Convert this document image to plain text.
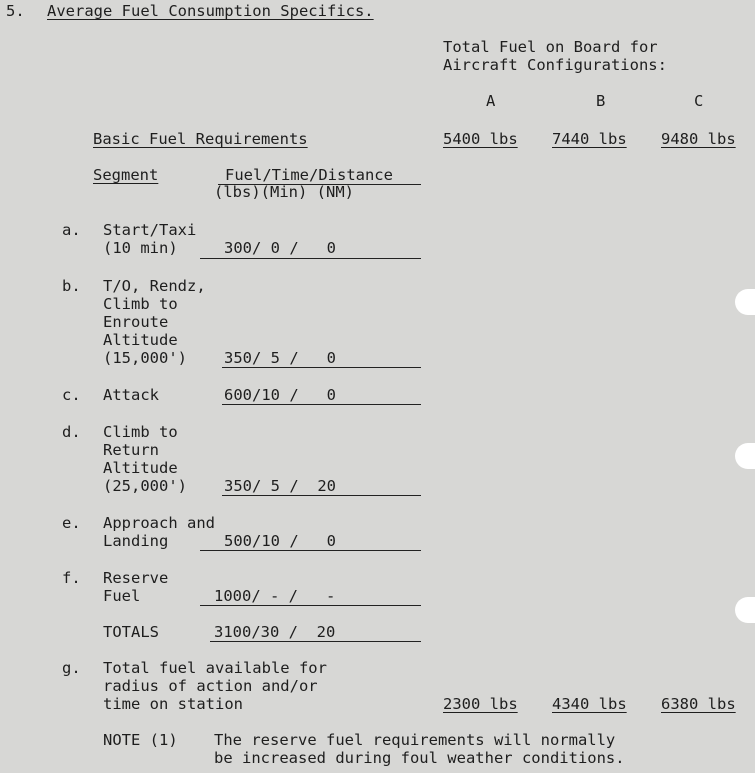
5. Average Fuel Consumption Specifics.
Total Fuel on Board for
Aircraft Configurations:
A	B	C
Basic Fuel Requirements	5400 lbs 7440 lbs 9480 lbs
Segment	Fuel/Time/Distance
(lbs)(Min) (NM)
a. Start/Taxi
(10 min)	300/ 0 /   0
b. T/O, Rendz,
Climb to
Enroute
Altitude
(15,000') 350/ 5 /   0
c. Attack	600/10 /   0
d. Climb to
Return
Altitude
(25,000') 350/ 5 /  20
e. Approach and
Landing	500/10 /   0
f. Reserve
Fuel	1000/ - /   -
TOTALS	3100/30 /  20
g. Total fuel available for
radius of action and/or
time on station	2300 lbs 4340 lbs 6380 lbs
NOTE (1) The reserve fuel requirements will normally
be increased during foul weather conditions.
